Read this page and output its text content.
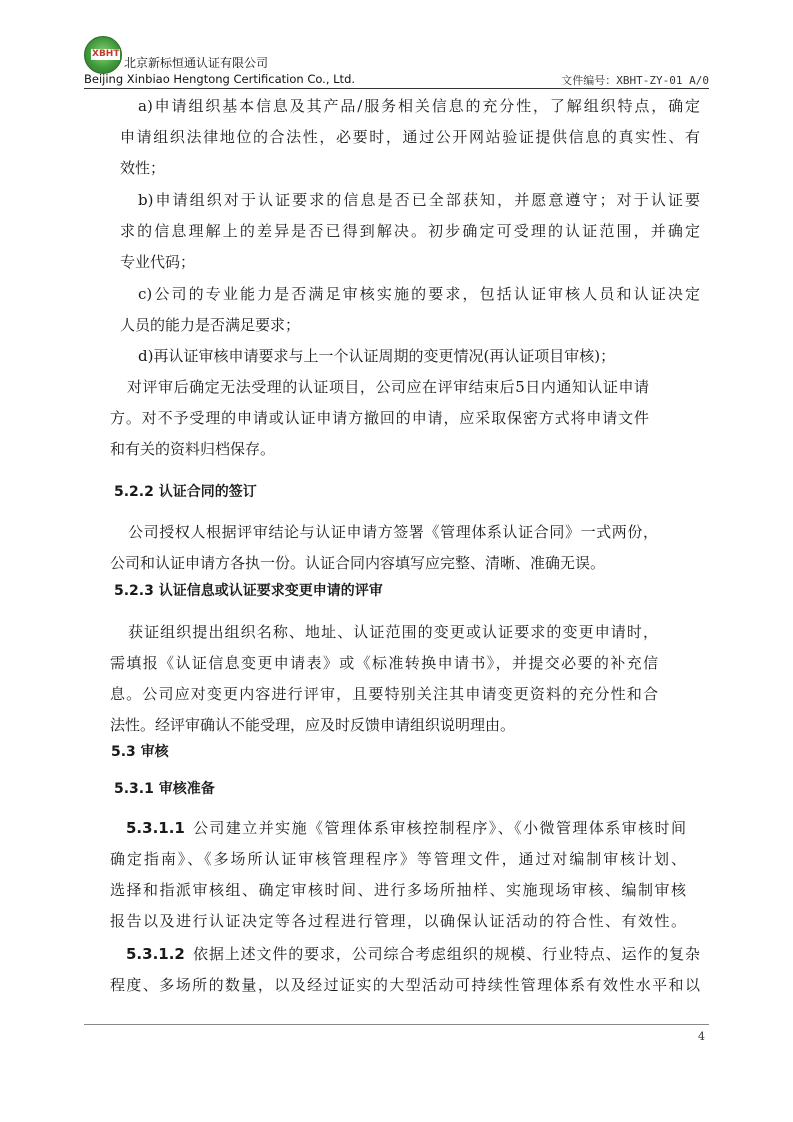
XBHT
北京新标恒通认证有限公司
Beijing Xinbiao Hengtong Certification Co., Ltd.	文件编号：XBHT-ZY-01 A/0
a)申请组织基本信息及其产品/服务相关信息的充分性，了解组织特点，确定
申请组织法律地位的合法性，必要时，通过公开网站验证提供信息的真实性、有
效性；
b)申请组织对于认证要求的信息是否已全部获知，并愿意遵守；对于认证要
求的信息理解上的差异是否已得到解决。初步确定可受理的认证范围，并确定
专业代码；
c)公司的专业能力是否满足审核实施的要求，包括认证审核人员和认证决定
人员的能力是否满足要求；
d)再认证审核申请要求与上一个认证周期的变更情况(再认证项目审核)；
对评审后确定无法受理的认证项目，公司应在评审结束后5日内通知认证申请
方。对不予受理的申请或认证申请方撤回的申请，应采取保密方式将申请文件
和有关的资料归档保存。
5.2.2 认证合同的签订
公司授权人根据评审结论与认证申请方签署《管理体系认证合同》一式两份，
公司和认证申请方各执一份。认证合同内容填写应完整、清晰、准确无误。
5.2.3 认证信息或认证要求变更申请的评审
获证组织提出组织名称、地址、认证范围的变更或认证要求的变更申请时，
需填报《认证信息变更申请表》或《标准转换申请书》，并提交必要的补充信
息。公司应对变更内容进行评审，且要特别关注其申请变更资料的充分性和合
法性。经评审确认不能受理，应及时反馈申请组织说明理由。
5.3 审核
5.3.1 审核准备
5.3.1.1 公司建立并实施《管理体系审核控制程序》、《小微管理体系审核时间
确定指南》、《多场所认证审核管理程序》等管理文件，通过对编制审核计划、
选择和指派审核组、确定审核时间、进行多场所抽样、实施现场审核、编制审核
报告以及进行认证决定等各过程进行管理，以确保认证活动的符合性、有效性。
5.3.1.2 依据上述文件的要求，公司综合考虑组织的规模、行业特点、运作的复杂
程度、多场所的数量，以及经过证实的大型活动可持续性管理体系有效性水平和以
4
